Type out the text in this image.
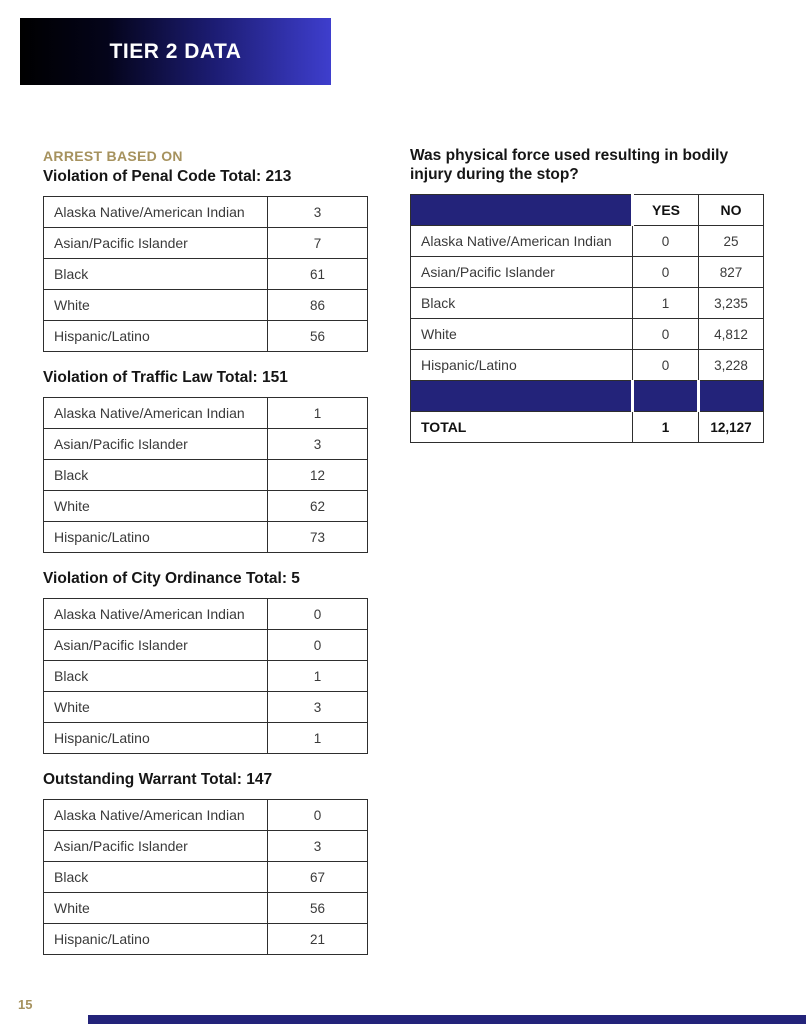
TIER 2 DATA
ARREST BASED ON
Violation of Penal Code Total: 213
Alaska Native/American Indian	3
Asian/Pacific Islander	7
Black	61
White	86
Hispanic/Latino	56
Violation of Traffic Law Total: 151
Alaska Native/American Indian	1
Asian/Pacific Islander	3
Black	12
White	62
Hispanic/Latino	73
Violation of City Ordinance Total: 5
Alaska Native/American Indian	0
Asian/Pacific Islander	0
Black	1
White	3
Hispanic/Latino	1
Outstanding Warrant Total: 147
Alaska Native/American Indian	0
Asian/Pacific Islander	3
Black	67
White	56
Hispanic/Latino	21
Was physical force used resulting in bodily injury during the stop?
	YES	NO
Alaska Native/American Indian	0	25
Asian/Pacific Islander	0	827
Black	1	3,235
White	0	4,812
Hispanic/Latino	0	3,228

TOTAL	1	12,127
15
